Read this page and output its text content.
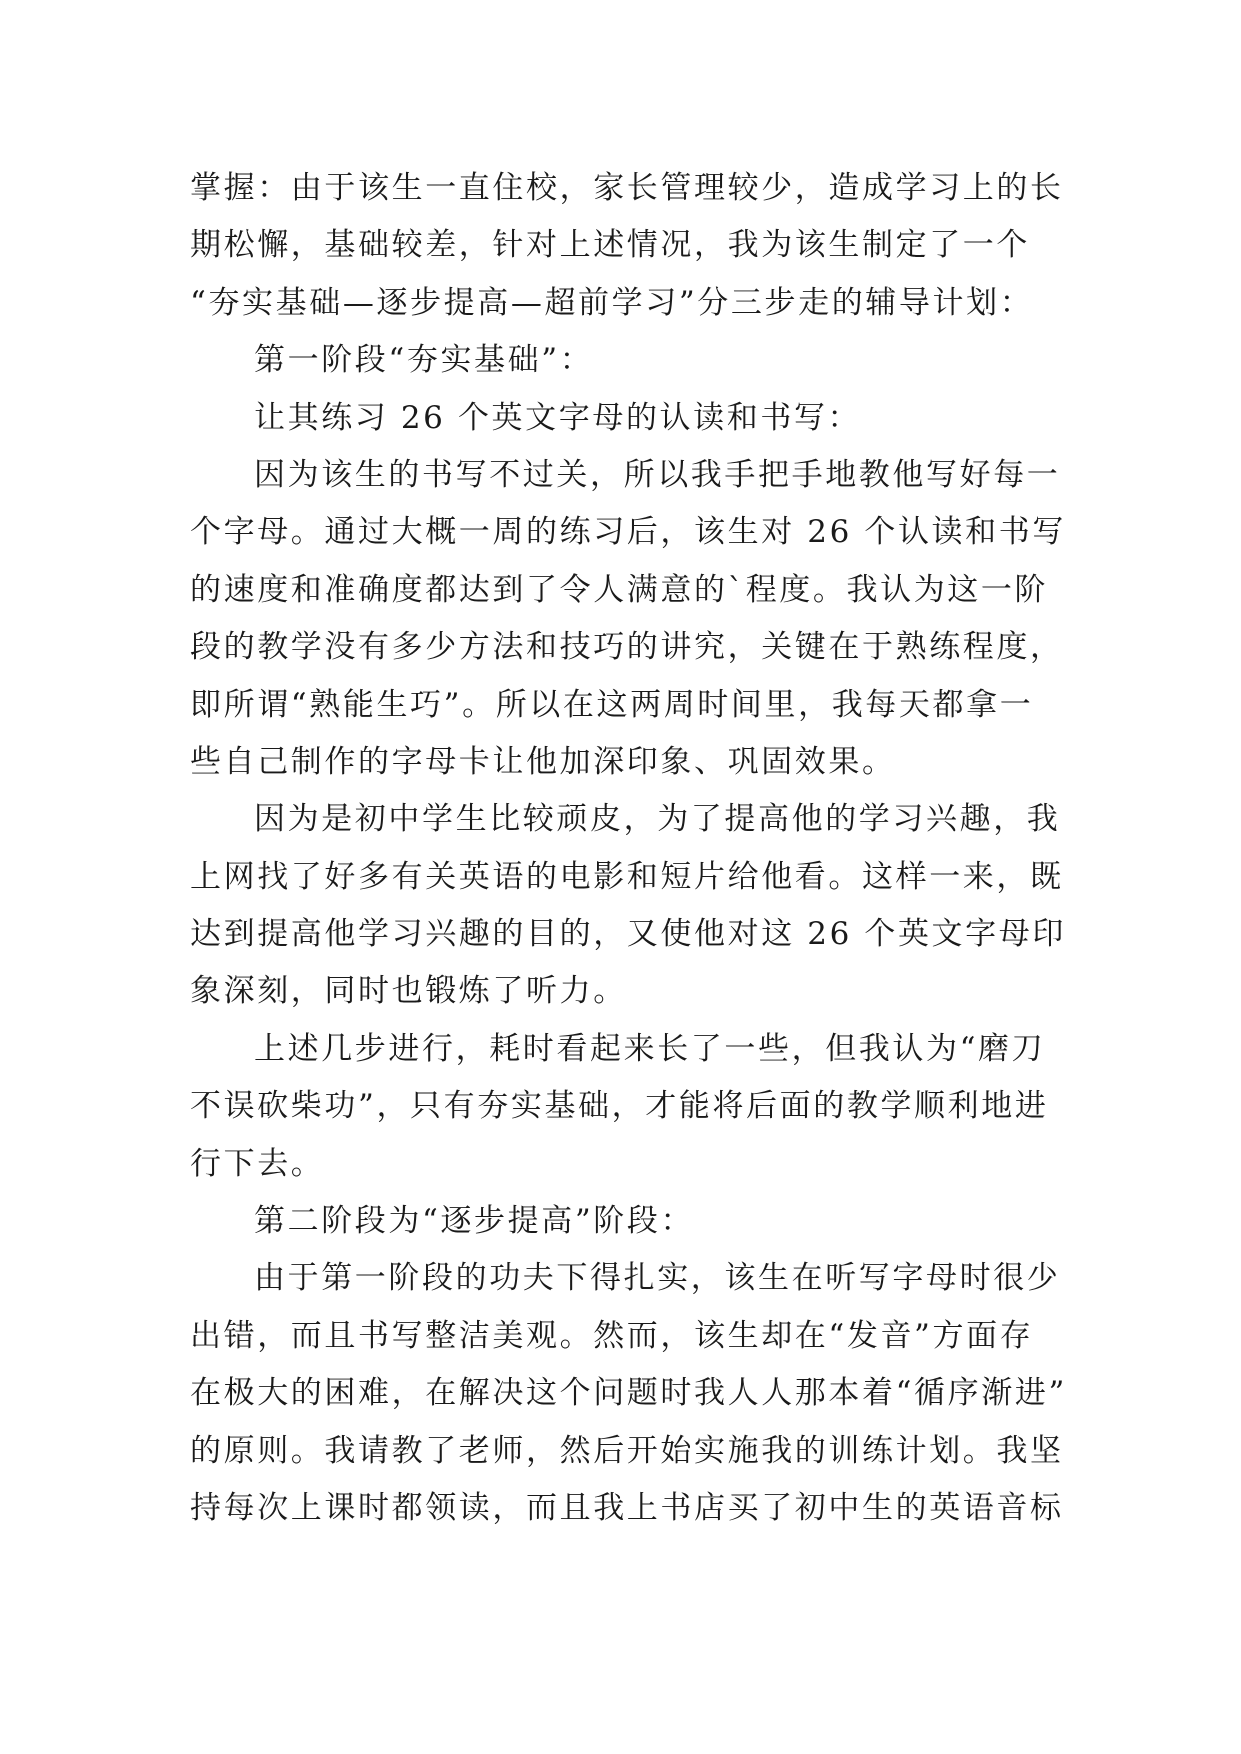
掌握：由于该生一直住校，家长管理较少，造成学习上的长
期松懈，基础较差，针对上述情况，我为该生制定了一个
“夯实基础—逐步提高—超前学习”分三步走的辅导计划：
第一阶段“夯实基础”：
让其练习 26 个英文字母的认读和书写：
因为该生的书写不过关，所以我手把手地教他写好每一
个字母。通过大概一周的练习后，该生对 26 个认读和书写
的速度和准确度都达到了令人满意的`程度。我认为这一阶
段的教学没有多少方法和技巧的讲究，关键在于熟练程度，
即所谓“熟能生巧”。所以在这两周时间里，我每天都拿一
些自己制作的字母卡让他加深印象、巩固效果。
因为是初中学生比较顽皮，为了提高他的学习兴趣，我
上网找了好多有关英语的电影和短片给他看。这样一来，既
达到提高他学习兴趣的目的，又使他对这 26 个英文字母印
象深刻，同时也锻炼了听力。
上述几步进行，耗时看起来长了一些，但我认为“磨刀
不误砍柴功”，只有夯实基础，才能将后面的教学顺利地进
行下去。
第二阶段为“逐步提高”阶段：
由于第一阶段的功夫下得扎实，该生在听写字母时很少
出错，而且书写整洁美观。然而，该生却在“发音”方面存
在极大的困难，在解决这个问题时我人人那本着“循序渐进”
的原则。我请教了老师，然后开始实施我的训练计划。我坚
持每次上课时都领读，而且我上书店买了初中生的英语音标
